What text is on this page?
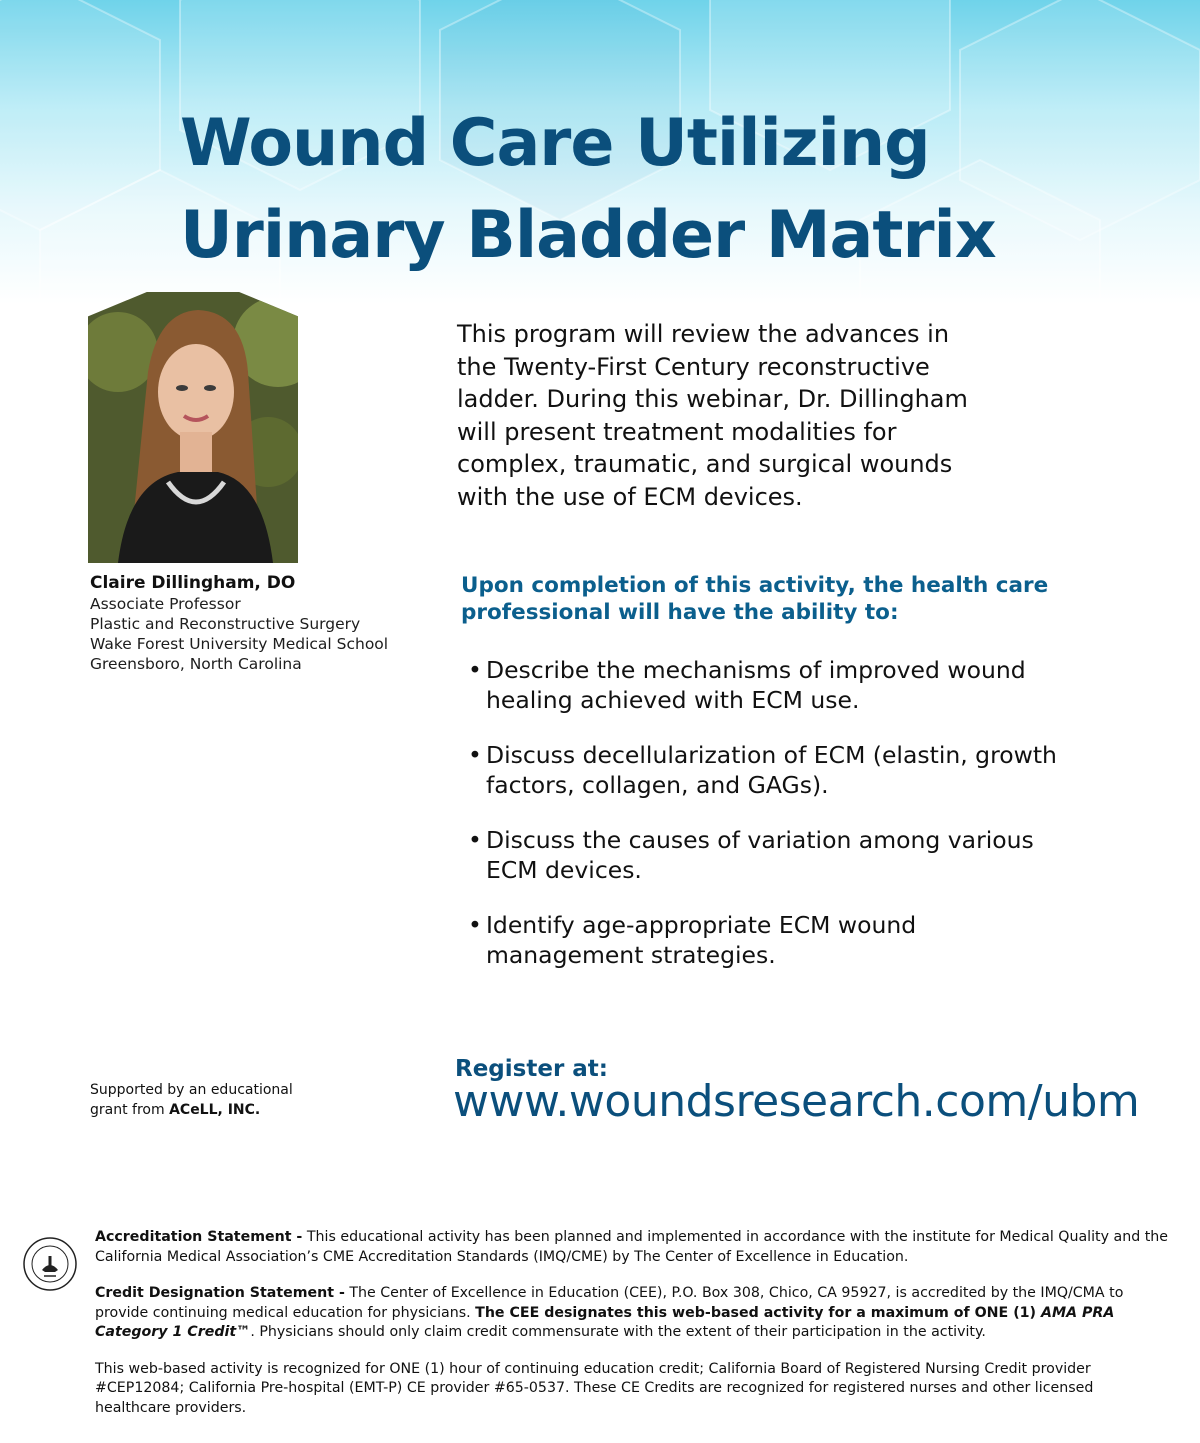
Wound Care Utilizing
Urinary Bladder Matrix
Claire Dillingham, DO
Associate Professor
Plastic and Reconstructive Surgery
Wake Forest University Medical School
Greensboro, North Carolina
This program will review the advances in
the Twenty-First Century reconstructive
ladder. During this webinar, Dr. Dillingham
will present treatment modalities for
complex, traumatic, and surgical wounds
with the use of ECM devices.
Upon completion of this activity, the health care
professional will have the ability to:
• Describe the mechanisms of improved wound
healing achieved with ECM use.
• Discuss decellularization of ECM (elastin, growth
factors, collagen, and GAGs).
• Discuss the causes of variation among various
ECM devices.
• Identify age-appropriate ECM wound
management strategies.
Register at:
www.woundsresearch.com/ubm
Supported by an educational
grant from ACeLL, INC.

Accreditation Statement - This educational activity has been planned and implemented in accordance with the institute for Medical Quality and the California Medical Association’s CME Accreditation Standards (IMQ/CME) by The Center of Excellence in Education.

Credit Designation Statement - The Center of Excellence in Education (CEE), P.O. Box 308, Chico, CA 95927, is accredited by the IMQ/CMA to provide continuing medical education for physicians. The CEE designates this web-based activity for a maximum of ONE (1) AMA PRA Category 1 Credit™. Physicians should only claim credit commensurate with the extent of their participation in the activity.

This web-based activity is recognized for ONE (1) hour of continuing education credit; California Board of Registered Nursing Credit provider #CEP12084; California Pre-hospital (EMT-P) CE provider #65-0537. These CE Credits are recognized for registered nurses and other licensed healthcare providers.
